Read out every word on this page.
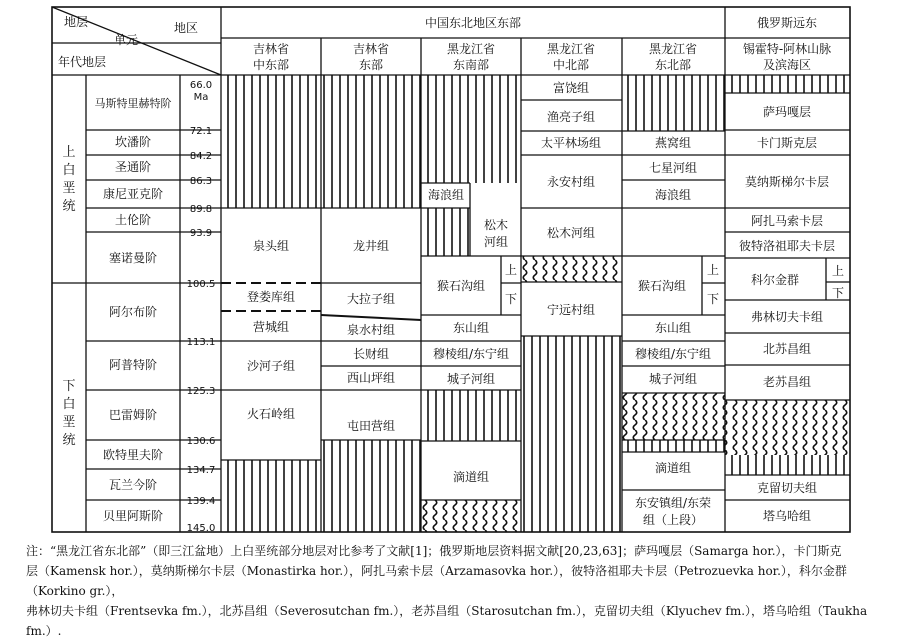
地层
单元
地区
年代地层
中国东北地区东部	俄罗斯远东
吉林省
中东部
吉林省
东部
黑龙江省
东南部
黑龙江省
中北部
黑龙江省
东北部
锡霍特-阿林山脉
及滨海区
上
白
垩
统
下
白
垩
统
马斯特里赫特阶
坎潘阶
圣通阶
康尼亚克阶
土伦阶
塞诺曼阶
阿尔布阶
阿普特阶
巴雷姆阶
欧特里夫阶
瓦兰今阶
贝里阿斯阶
66.0
Ma
72.1
84.2
86.3
89.8
93.9
100.5
113.1
125.3
130.6
134.7
139.4
145.0
泉头组
登娄库组
营城组
沙河子组
火石岭组
龙井组
大拉子组
泉水村组
长财组
西山坪组
屯田营组
海浪组
松木
河组
猴石沟组
上
下
东山组
穆棱组/东宁组
城子河组
滴道组
富饶组
渔亮子组
太平林场组
永安村组
松木河组
宁远村组
燕窝组
七星河组
海浪组
猴石沟组
上
下
东山组
穆棱组/东宁组
城子河组
滴道组
东安镇组/东荣
组（上段）
萨玛嘎层
卡门斯克层
莫纳斯梯尔卡层
阿扎马索卡层
彼特洛祖耶夫卡层
科尔金群
上
下
弗林切夫卡组
北苏昌组
老苏昌组
克留切夫组
塔乌哈组
注：“黑龙江省东北部”（即三江盆地）上白垩统部分地层对比参考了文献[1]；俄罗斯地层资料据文献[20,23,63]；萨玛嘎层（Samarga hor.），卡门斯克
层（Kamensk hor.），莫纳斯梯尔卡层（Monastirka hor.），阿扎马索卡层（Arzamasovka hor.），彼特洛祖耶夫卡层（Petrozuevka hor.），科尔金群（Korkino gr.），
弗林切夫卡组（Frentsevka fm.），北苏昌组（Severosutchan fm.），老苏昌组（Starosutchan fm.），克留切夫组（Klyuchev fm.），塔乌哈组（Taukha fm.）.
